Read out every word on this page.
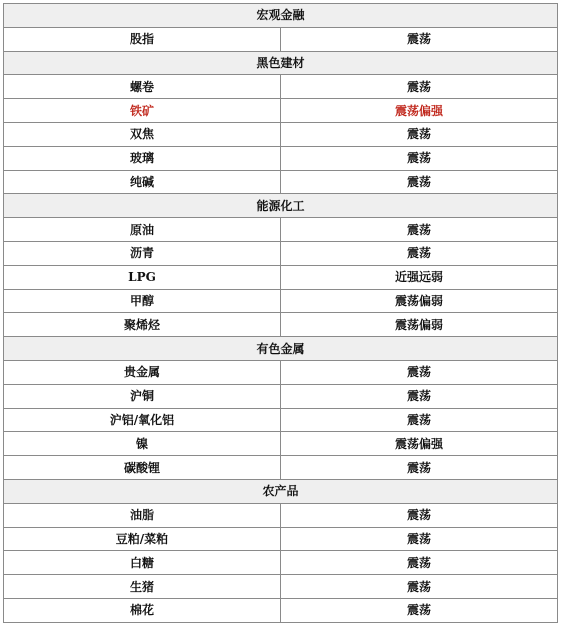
宏观金融	
股指	震荡
黑色建材	
螺卷	震荡
铁矿	震荡偏强
双焦	震荡
玻璃	震荡
纯碱	震荡
能源化工	
原油	震荡
沥青	震荡
LPG	近强远弱
甲醇	震荡偏弱
聚烯烃	震荡偏弱
有色金属	
贵金属	震荡
沪铜	震荡
沪铝/氧化铝	震荡
镍	震荡偏强
碳酸锂	震荡
农产品	
油脂	震荡
豆粕/菜粕	震荡
白糖	震荡
生猪	震荡
棉花	震荡
